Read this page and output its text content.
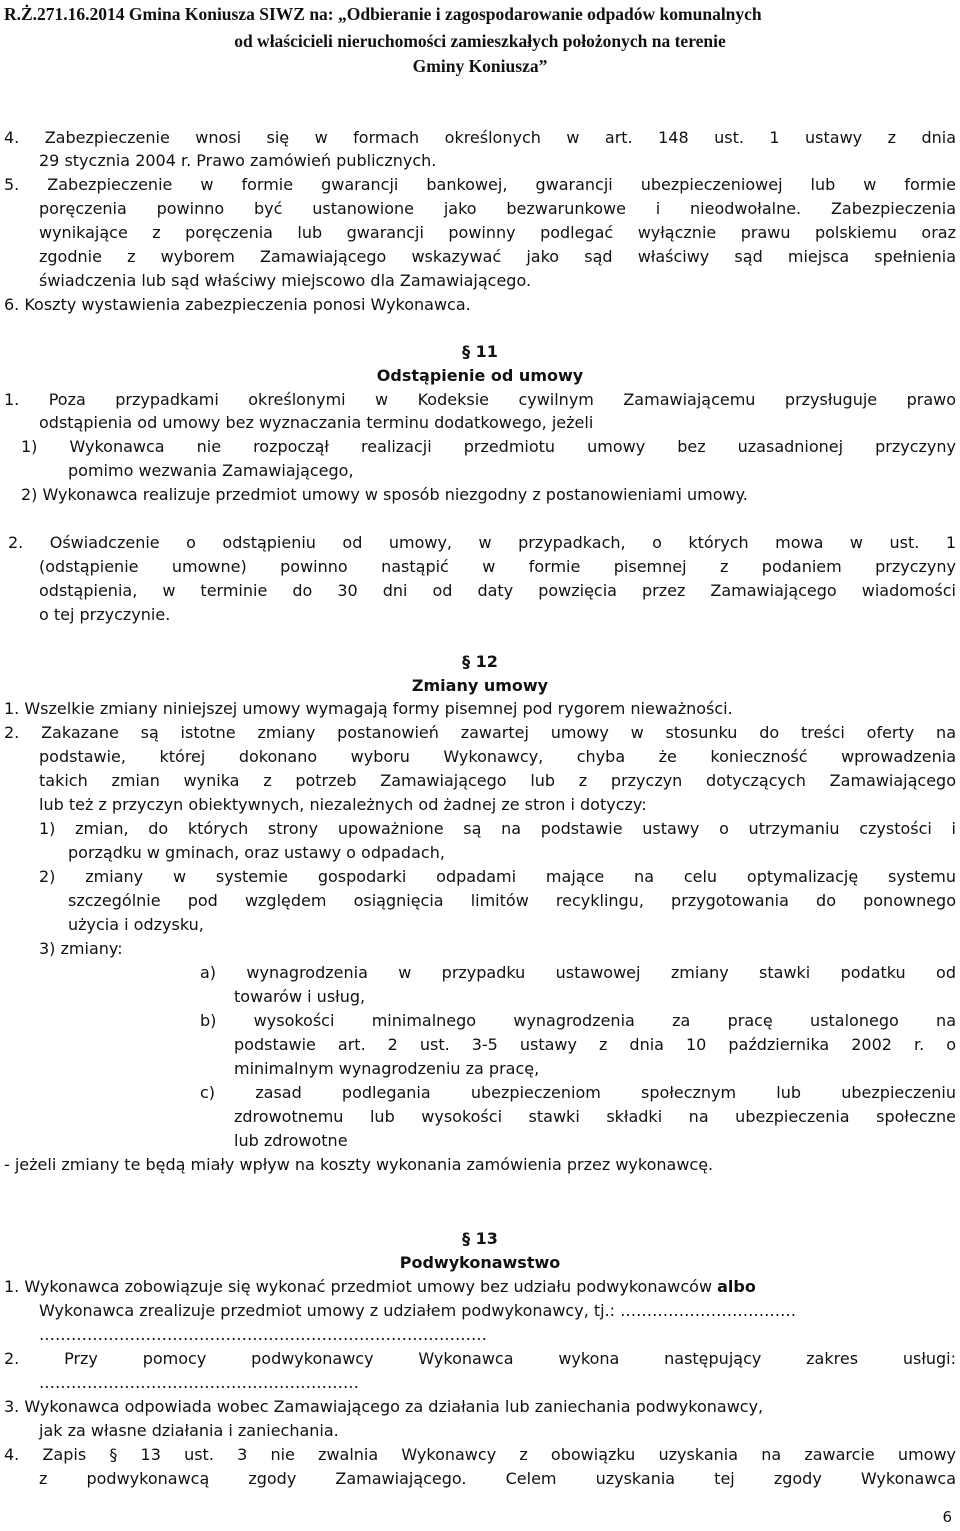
R.Ż.271.16.2014 Gmina Koniusza SIWZ na: „Odbieranie i zagospodarowanie odpadów komunalnych
od właścicieli nieruchomości zamieszkałych położonych na terenie
Gminy Koniusza”
4. Zabezpieczenie wnosi się w formach określonych w art. 148 ust. 1 ustawy z dnia
29 stycznia 2004 r. Prawo zamówień publicznych.
5. Zabezpieczenie w formie gwarancji bankowej, gwarancji ubezpieczeniowej lub w formie
poręczenia powinno być ustanowione jako bezwarunkowe i nieodwołalne. Zabezpieczenia
wynikające z poręczenia lub gwarancji powinny podlegać wyłącznie prawu polskiemu oraz
zgodnie z wyborem Zamawiającego wskazywać jako sąd właściwy sąd miejsca spełnienia
świadczenia lub sąd właściwy miejscowo dla Zamawiającego.
6. Koszty wystawienia zabezpieczenia ponosi Wykonawca.
§ 11
Odstąpienie od umowy
1. Poza przypadkami określonymi w Kodeksie cywilnym Zamawiającemu przysługuje prawo
odstąpienia od umowy bez wyznaczania terminu dodatkowego, jeżeli
1) Wykonawca nie rozpoczął realizacji przedmiotu umowy bez uzasadnionej przyczyny
pomimo wezwania Zamawiającego,
2) Wykonawca realizuje przedmiot umowy w sposób niezgodny z postanowieniami umowy.
2. Oświadczenie o odstąpieniu od umowy, w przypadkach, o których mowa w ust. 1
(odstąpienie umowne) powinno nastąpić w formie pisemnej z podaniem przyczyny
odstąpienia, w terminie do 30 dni od daty powzięcia przez Zamawiającego wiadomości
o tej przyczynie.
§ 12
Zmiany umowy
1. Wszelkie zmiany niniejszej umowy wymagają formy pisemnej pod rygorem nieważności.
2. Zakazane są istotne zmiany postanowień zawartej umowy w stosunku do treści oferty na
podstawie, której dokonano wyboru Wykonawcy, chyba że konieczność wprowadzenia
takich zmian wynika z potrzeb Zamawiającego lub z przyczyn dotyczących Zamawiającego
lub też z przyczyn obiektywnych, niezależnych od żadnej ze stron i dotyczy:
1) zmian, do których strony upoważnione są na podstawie ustawy o utrzymaniu czystości i
porządku w gminach, oraz ustawy o odpadach,
2) zmiany w systemie gospodarki odpadami mające na celu optymalizację systemu
szczególnie pod względem osiągnięcia limitów recyklingu, przygotowania do ponownego
użycia i odzysku,
3) zmiany:
a) wynagrodzenia w przypadku ustawowej zmiany stawki podatku od
towarów i usług,
b) wysokości minimalnego wynagrodzenia za pracę ustalonego na
podstawie art. 2 ust. 3-5 ustawy z dnia 10 października 2002 r. o
minimalnym wynagrodzeniu za pracę,
c) zasad podlegania ubezpieczeniom społecznym lub ubezpieczeniu
zdrowotnemu lub wysokości stawki składki na ubezpieczenia społeczne
lub zdrowotne
- jeżeli zmiany te będą miały wpływ na koszty wykonania zamówienia przez wykonawcę.
§ 13
Podwykonawstwo
1. Wykonawca zobowiązuje się wykonać przedmiot umowy bez udziału podwykonawców albo
Wykonawca zrealizuje przedmiot umowy z udziałem podwykonawcy, tj.: ……………………………
…………………………………………………………………………
2. Przy pomocy podwykonawcy Wykonawca wykona następujący zakres usługi:
……………………………………………………
3. Wykonawca odpowiada wobec Zamawiającego za działania lub zaniechania podwykonawcy,
jak za własne działania i zaniechania.
4. Zapis § 13 ust. 3 nie zwalnia Wykonawcy z obowiązku uzyskania na zawarcie umowy
z podwykonawcą zgody Zamawiającego. Celem uzyskania tej zgody Wykonawca
6
